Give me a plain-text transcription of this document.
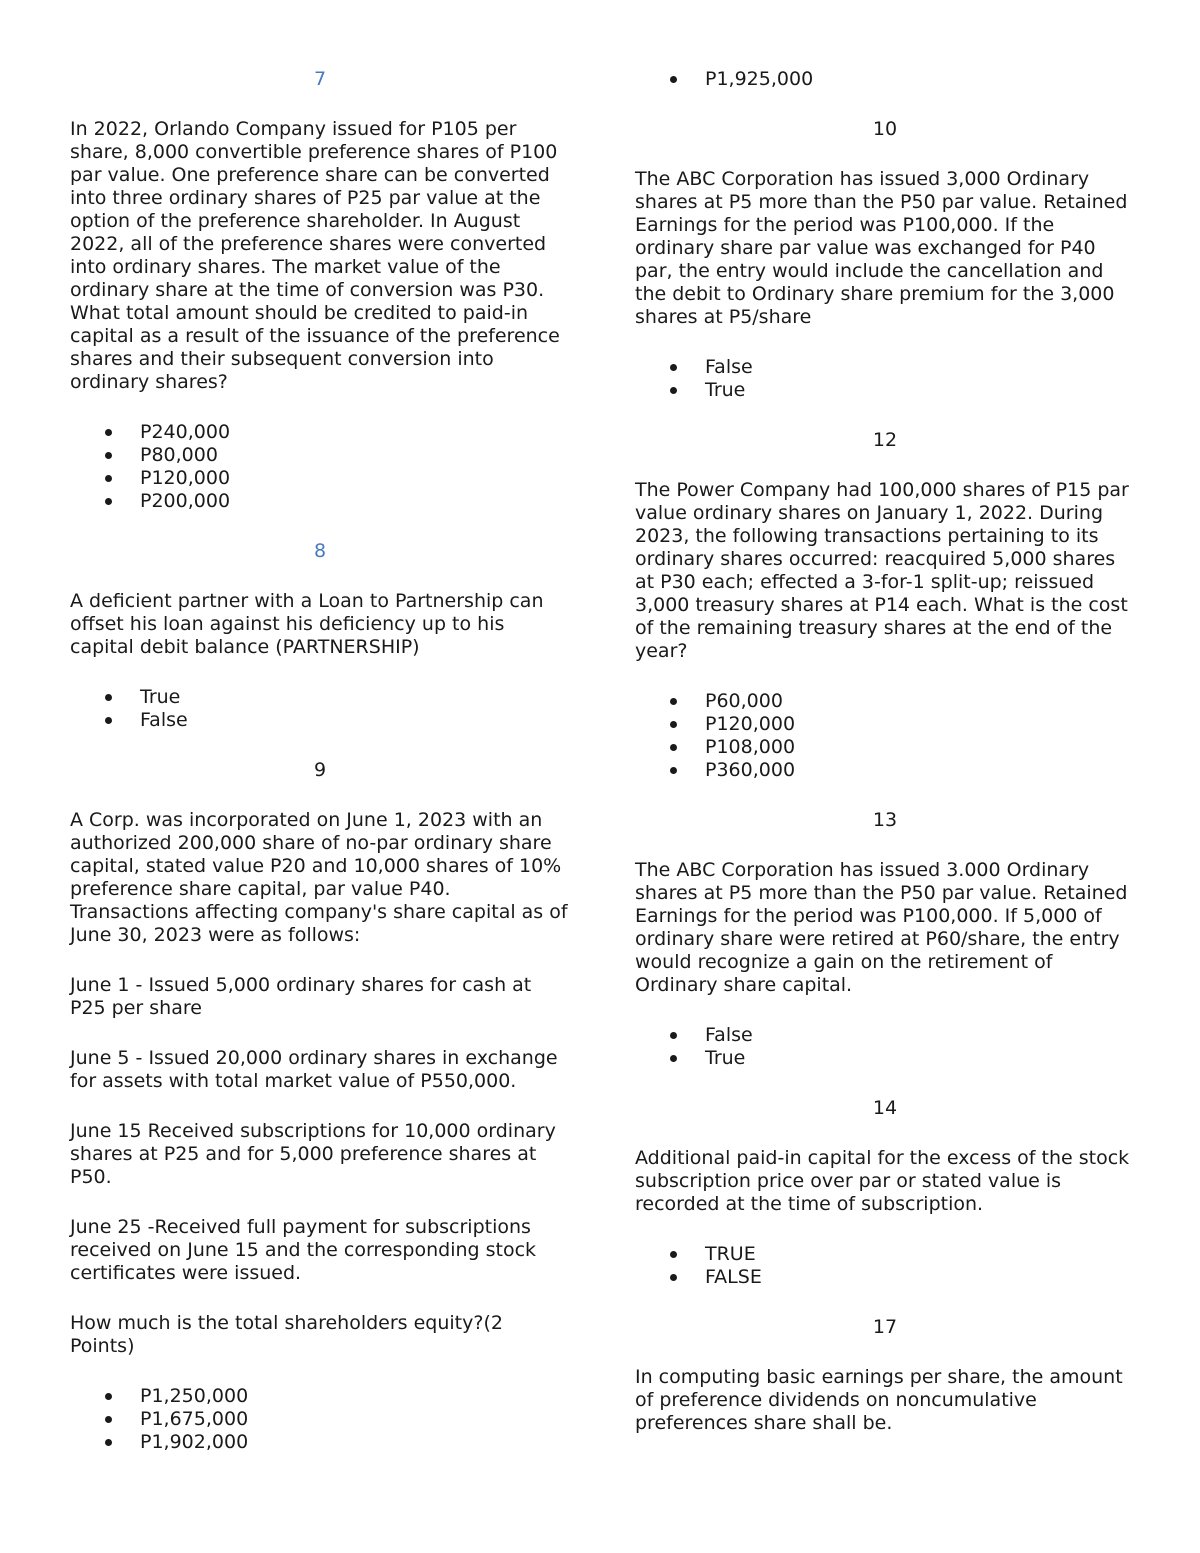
7
In 2022, Orlando Company issued for P105 per share, 8,000 convertible preference shares of P100 par value. One preference share can be converted into three ordinary shares of P25 par value at the option of the preference shareholder. In August 2022, all of the preference shares were converted into ordinary shares. The market value of the ordinary share at the time of conversion was P30. What total amount should be credited to paid-in capital as a result of the issuance of the preference shares and their subsequent conversion into ordinary shares?
P240,000
P80,000
P120,000
P200,000
8
A deficient partner with a Loan to Partnership can offset his loan against his deficiency up to his capital debit balance (PARTNERSHIP)
True
False
9
A Corp. was incorporated on June 1, 2023 with an authorized 200,000 share of no-par ordinary share capital, stated value P20 and 10,000 shares of 10% preference share capital, par value P40. Transactions affecting company's share capital as of June 30, 2023 were as follows:
June 1 - Issued 5,000 ordinary shares for cash at P25 per share
June 5 - Issued 20,000 ordinary shares in exchange for assets with total market value of P550,000.
June 15 Received subscriptions for 10,000 ordinary shares at P25 and for 5,000 preference shares at P50.
June 25 -Received full payment for subscriptions received on June 15 and the corresponding stock certificates were issued.
How much is the total shareholders equity?(2 Points)
P1,250,000
P1,675,000
P1,902,000
P1,925,000
10
The ABC Corporation has issued 3,000 Ordinary shares at P5 more than the P50 par value. Retained Earnings for the period was P100,000. If the ordinary share par value was exchanged for P40 par, the entry would include the cancellation and the debit to Ordinary share premium for the 3,000 shares at P5/share
False
True
12
The Power Company had 100,000 shares of P15 par value ordinary shares on January 1, 2022. During 2023, the following transactions pertaining to its ordinary shares occurred: reacquired 5,000 shares at P30 each; effected a 3-for-1 split-up; reissued 3,000 treasury shares at P14 each. What is the cost of the remaining treasury shares at the end of the year?
P60,000
P120,000
P108,000
P360,000
13
The ABC Corporation has issued 3.000 Ordinary shares at P5 more than the P50 par value. Retained Earnings for the period was P100,000. If 5,000 of ordinary share were retired at P60/share, the entry would recognize a gain on the retirement of Ordinary share capital.
False
True
14
Additional paid-in capital for the excess of the stock subscription price over par or stated value is recorded at the time of subscription.
TRUE
FALSE
17
In computing basic earnings per share, the amount of preference dividends on noncumulative preferences share shall be.
